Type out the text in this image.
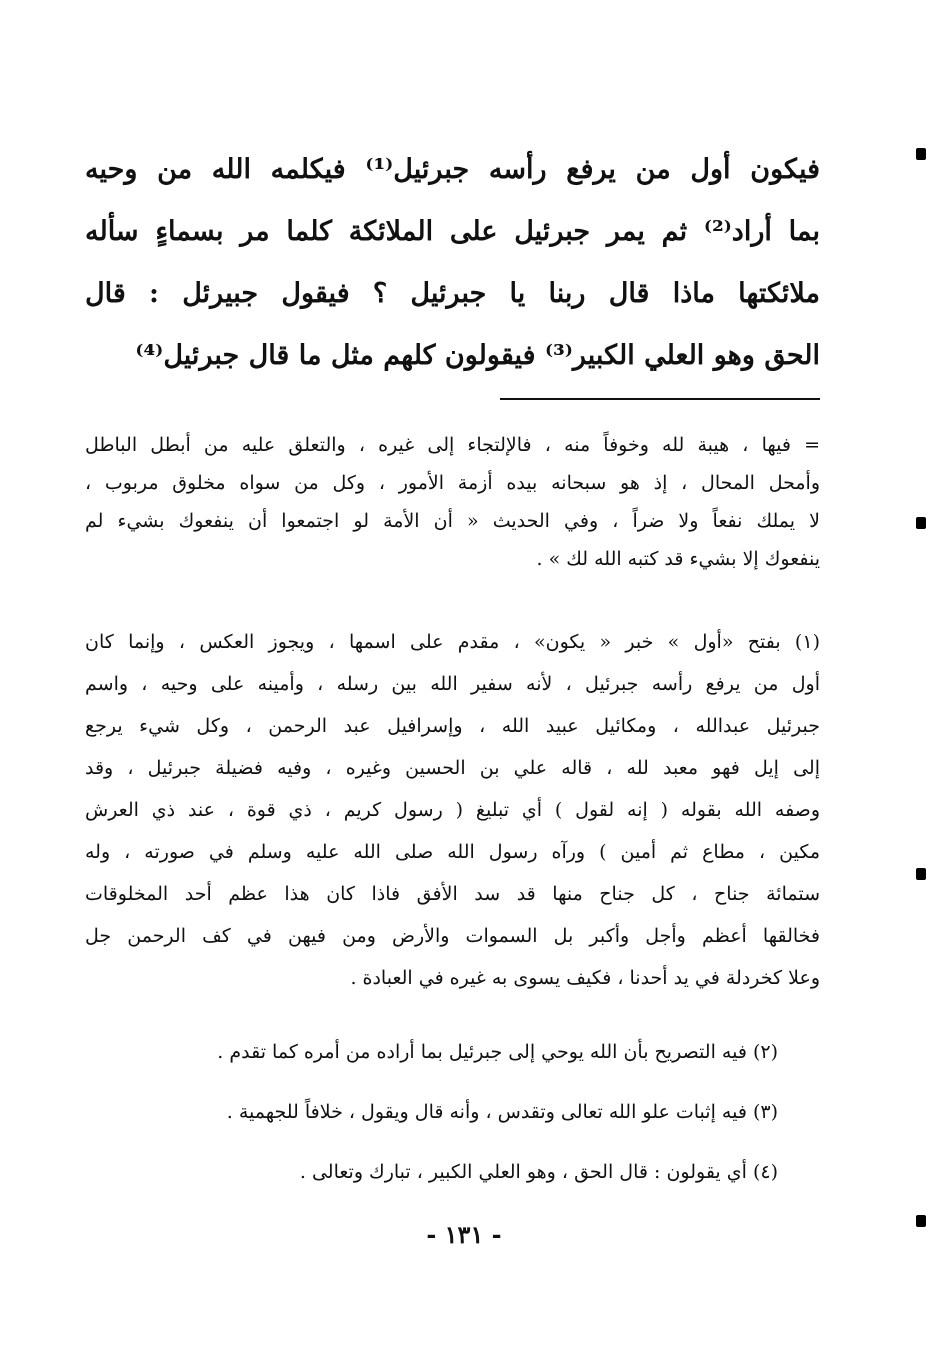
فيكون أول من يرفع رأسه جبرئيل⁽¹⁾ فيكلمه الله من وحيه
بما أراد⁽²⁾ ثم يمر جبرئيل على الملائكة كلما مر بسماءٍ سأله
ملائكتها ماذا قال ربنا يا جبرئيل ؟ فيقول جبيرئل : قال
الحق وهو العلي الكبير⁽³⁾ فيقولون كلهم مثل ما قال جبرئيل⁽⁴⁾
= فيها ، هيبة لله وخوفاً منه ، فالإلتجاء إلى غيره ، والتعلق عليه من أبطل الباطل
وأمحل المحال ، إذ هو سبحانه بيده أزمة الأمور ، وكل من سواه مخلوق مربوب ،
لا يملك نفعاً ولا ضراً ، وفي الحديث « أن الأمة لو اجتمعوا أن ينفعوك بشيء لم
ينفعوك إلا بشيء قد كتبه الله لك » .
(١) بفتح «أول » خبر « يكون» ، مقدم على اسمها ، ويجوز العكس ، وإنما كان
أول من يرفع رأسه جبرئيل ، لأنه سفير الله بين رسله ، وأمينه على وحيه ، واسم
جبرئيل عبدالله ، ومكائيل عبيد الله ، وإسرافيل عبد الرحمن ، وكل شيء يرجع
إلى إيل فهو معبد لله ، قاله علي بن الحسين وغيره ، وفيه فضيلة جبرئيل ، وقد
وصفه الله بقوله ( إنه لقول ) أي تبليغ ( رسول كريم ، ذي قوة ، عند ذي العرش
مكين ، مطاع ثم أمين ) ورآه رسول الله صلى الله عليه وسلم في صورته ، وله
ستمائة جناح ، كل جناح منها قد سد الأفق فاذا كان هذا عظم أحد المخلوقات
فخالقها أعظم وأجل وأكبر بل السموات والأرض ومن فيهن في كف الرحمن جل
وعلا كخردلة في يد أحدنا ، فكيف يسوى به غيره في العبادة .
(٢) فيه التصريح بأن الله يوحي إلى جبرئيل بما أراده من أمره كما تقدم .
(٣) فيه إثبات علو الله تعالى وتقدس ، وأنه قال ويقول ، خلافاً للجهمية .
(٤) أي يقولون : قال الحق ، وهو العلي الكبير ، تبارك وتعالى .
- ١٣١ -
